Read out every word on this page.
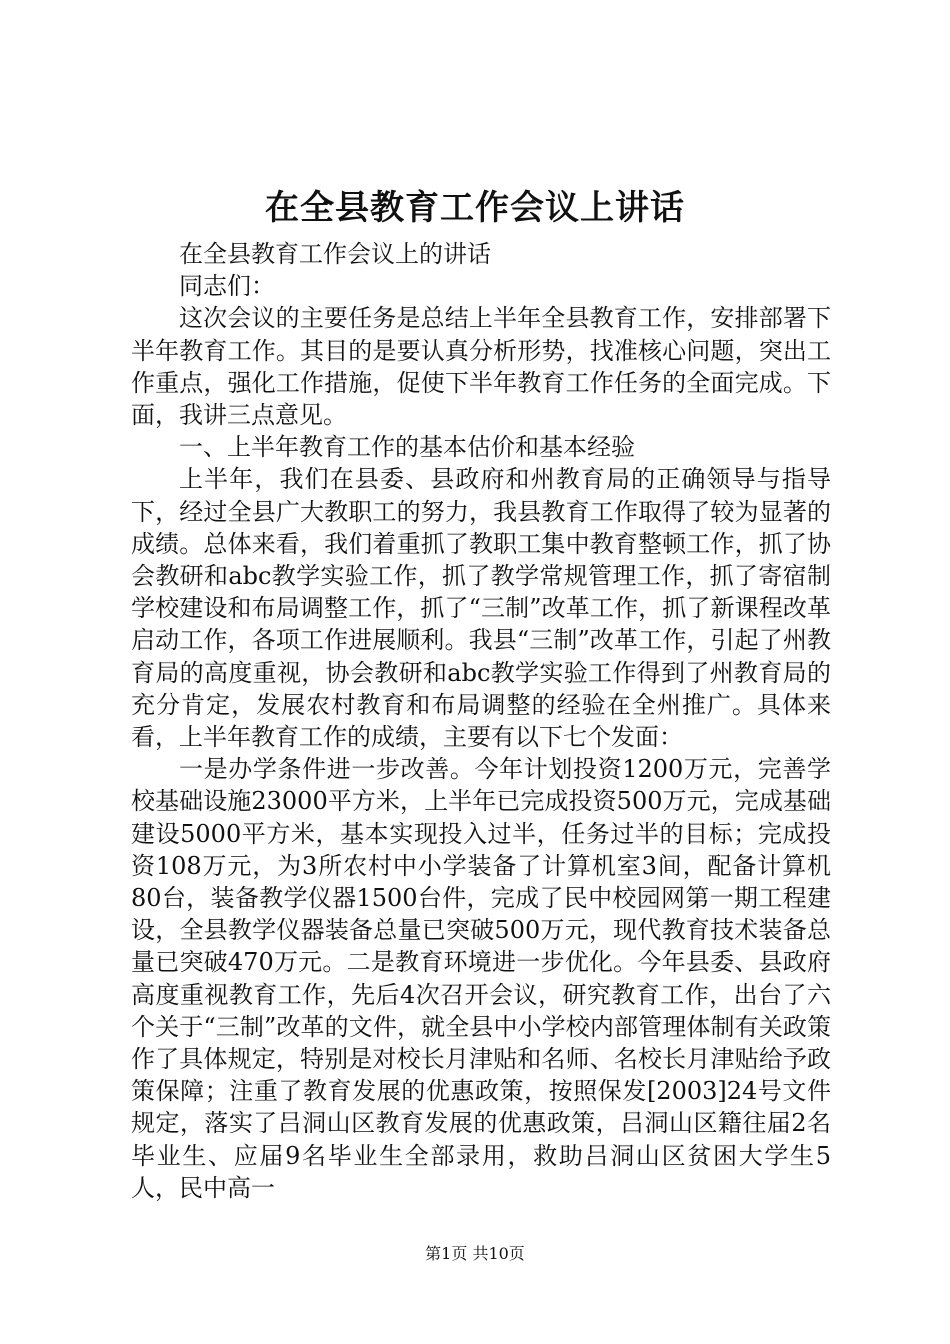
在全县教育工作会议上讲话

在全县教育工作会议上的讲话

同志们：

这次会议的主要任务是总结上半年全县教育工作，安排部署下半年教育工作。其目的是要认真分析形势，找准核心问题，突出工作重点，强化工作措施，促使下半年教育工作任务的全面完成。下面，我讲三点意见。

一、上半年教育工作的基本估价和基本经验

上半年，我们在县委、县政府和州教育局的正确领导与指导下，经过全县广大教职工的努力，我县教育工作取得了较为显著的成绩。总体来看，我们着重抓了教职工集中教育整顿工作，抓了协会教研和abc教学实验工作，抓了教学常规管理工作，抓了寄宿制学校建设和布局调整工作，抓了“三制”改革工作，抓了新课程改革启动工作，各项工作进展顺利。我县“三制”改革工作，引起了州教育局的高度重视，协会教研和abc教学实验工作得到了州教育局的充分肯定，发展农村教育和布局调整的经验在全州推广。具体来看，上半年教育工作的成绩，主要有以下七个发面：

一是办学条件进一步改善。今年计划投资1200万元，完善学校基础设施23000平方米，上半年已完成投资500万元，完成基础建设5000平方米，基本实现投入过半，任务过半的目标；完成投资108万元，为3所农村中小学装备了计算机室3间，配备计算机80台，装备教学仪器1500台件，完成了民中校园网第一期工程建设，全县教学仪器装备总量已突破500万元，现代教育技术装备总量已突破470万元。二是教育环境进一步优化。今年县委、县政府高度重视教育工作，先后4次召开会议，研究教育工作，出台了六个关于“三制”改革的文件，就全县中小学校内部管理体制有关政策作了具体规定，特别是对校长月津贴和名师、名校长月津贴给予政策保障；注重了教育发展的优惠政策，按照保发[2003]24号文件规定，落实了吕洞山区教育发展的优惠政策，吕洞山区籍往届2名毕业生、应届9名毕业生全部录用，救助吕洞山区贫困大学生5人，民中高一

第1页 共10页
